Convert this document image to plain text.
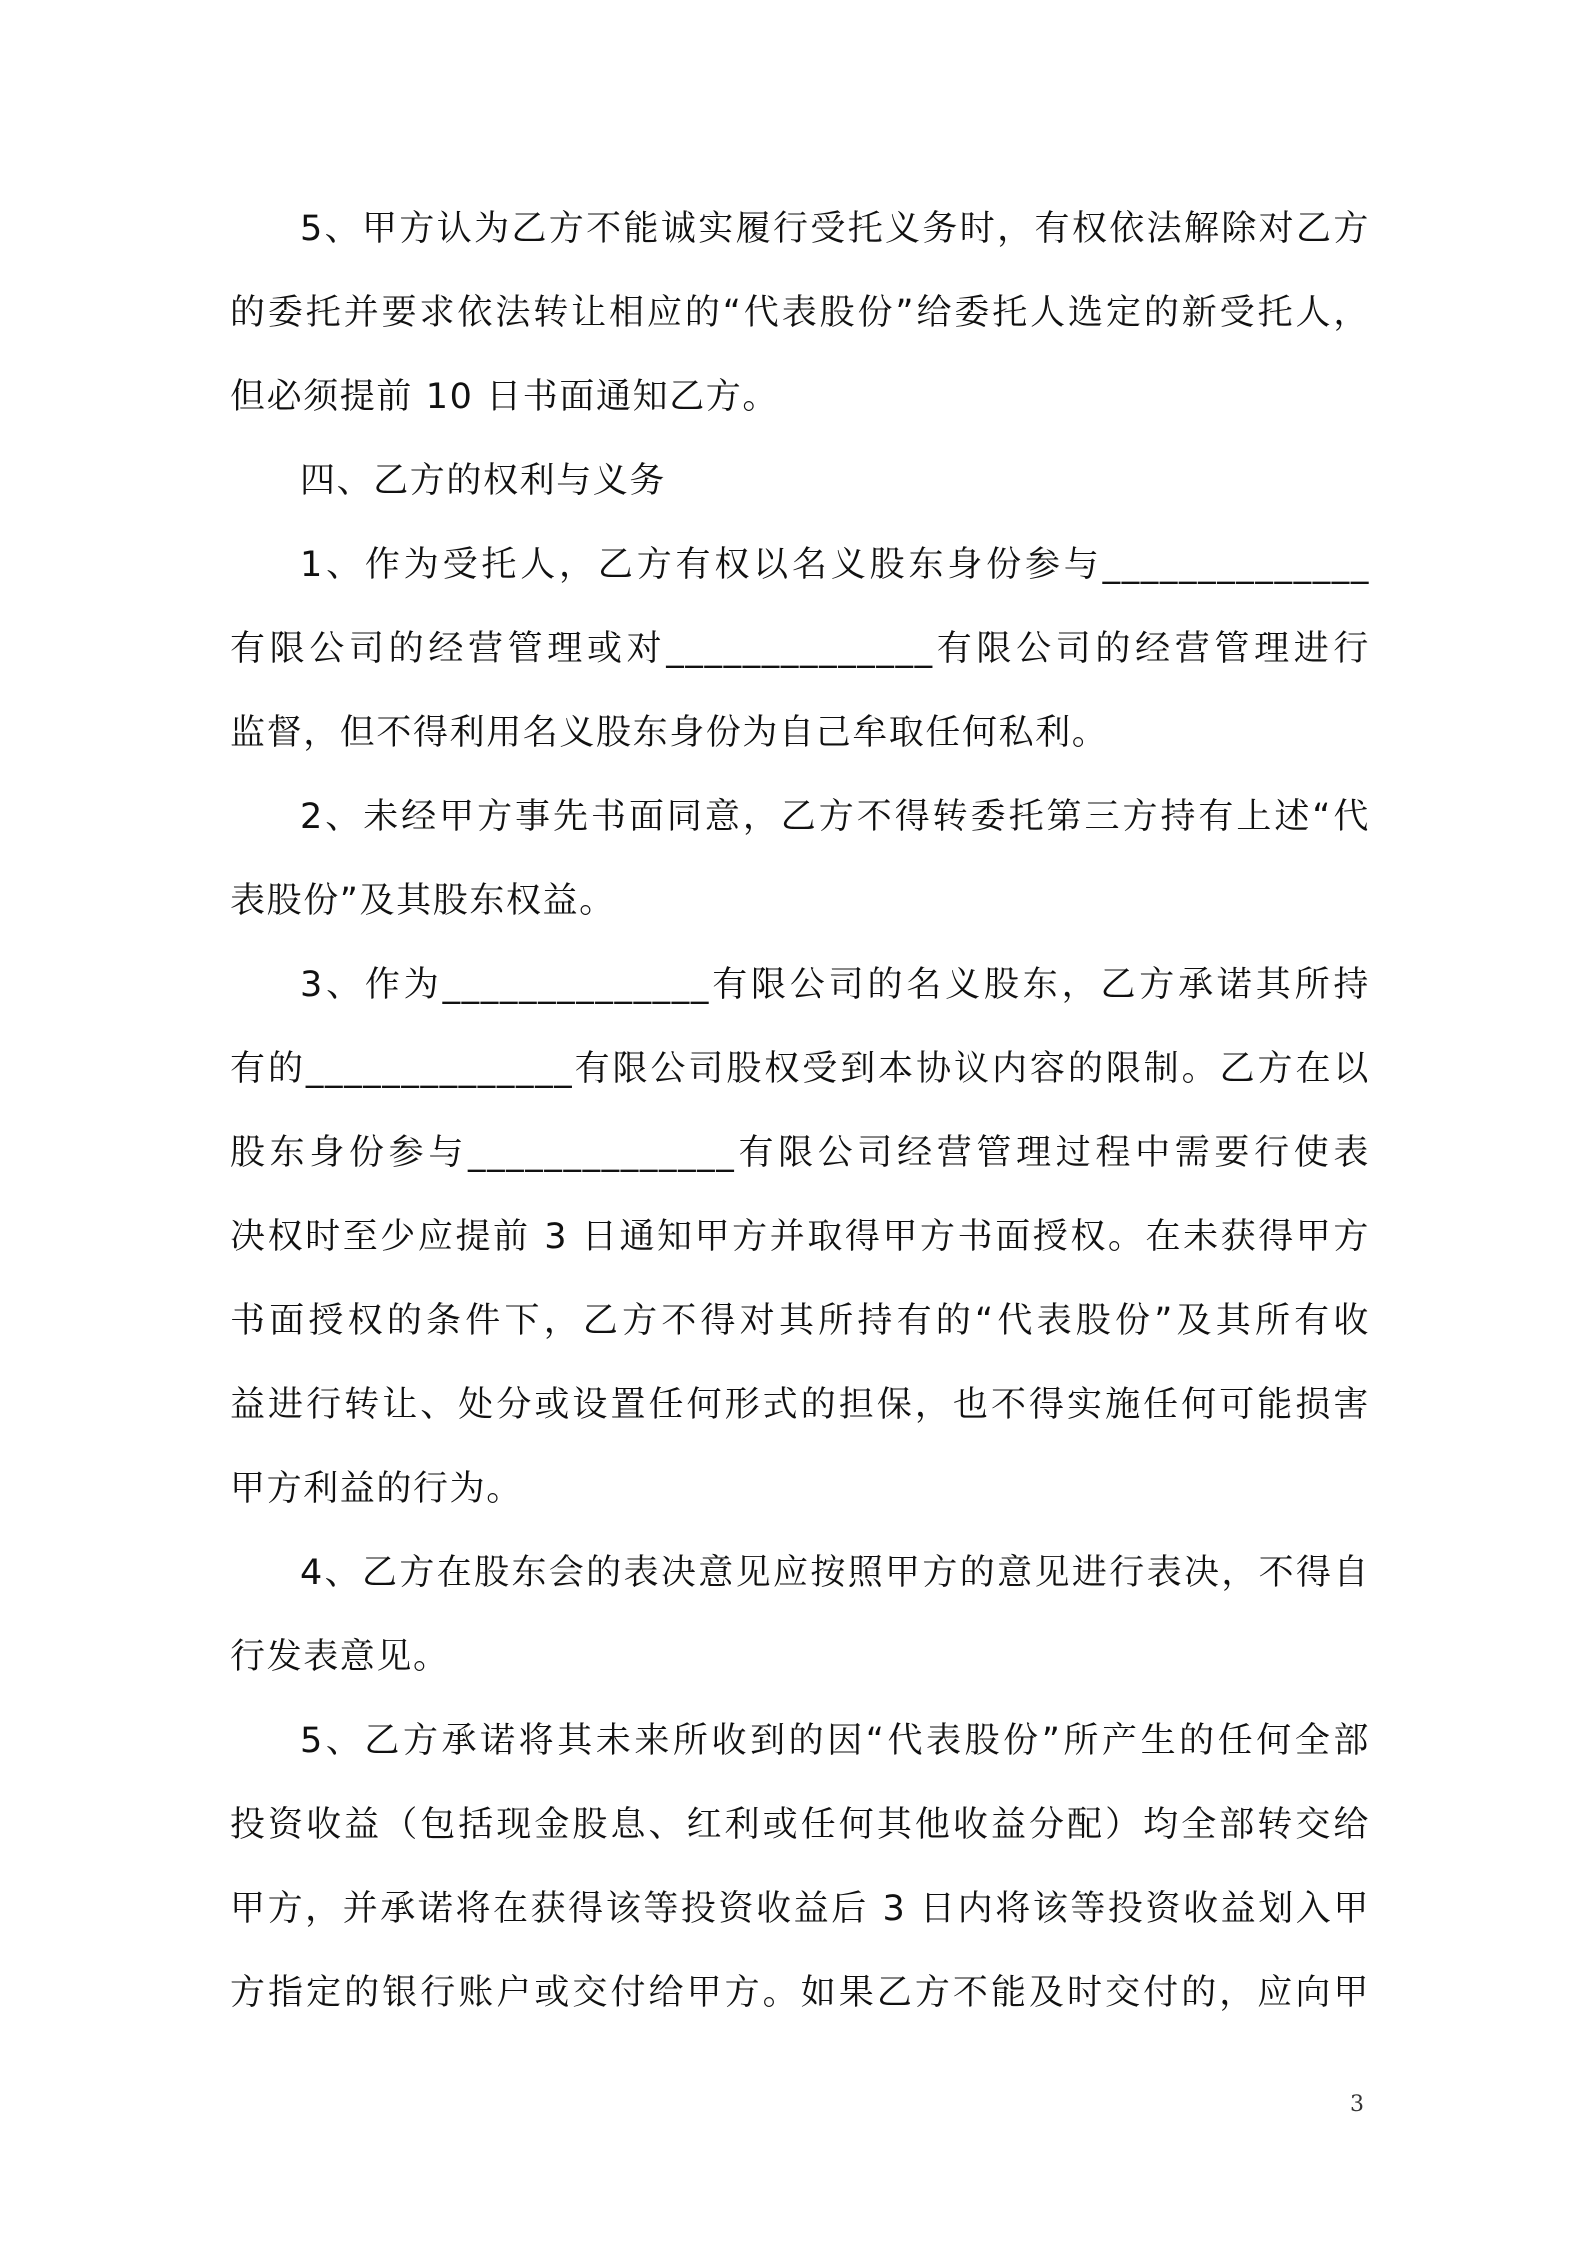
5、甲方认为乙方不能诚实履行受托义务时，有权依法解除对乙方
的委托并要求依法转让相应的“代表股份”给委托人选定的新受托人，
但必须提前 10 日书面通知乙方。
四、乙方的权利与义务
1、作为受托人，乙方有权以名义股东身份参与______________
有限公司的经营管理或对______________有限公司的经营管理进行
监督，但不得利用名义股东身份为自己牟取任何私利。
2、未经甲方事先书面同意，乙方不得转委托第三方持有上述“代
表股份”及其股东权益。
3、作为______________有限公司的名义股东，乙方承诺其所持
有的______________有限公司股权受到本协议内容的限制。乙方在以
股东身份参与______________有限公司经营管理过程中需要行使表
决权时至少应提前 3 日通知甲方并取得甲方书面授权。在未获得甲方
书面授权的条件下，乙方不得对其所持有的“代表股份”及其所有收
益进行转让、处分或设置任何形式的担保，也不得实施任何可能损害
甲方利益的行为。
4、乙方在股东会的表决意见应按照甲方的意见进行表决，不得自
行发表意见。
5、乙方承诺将其未来所收到的因“代表股份”所产生的任何全部
投资收益（包括现金股息、红利或任何其他收益分配）均全部转交给
甲方，并承诺将在获得该等投资收益后 3 日内将该等投资收益划入甲
方指定的银行账户或交付给甲方。如果乙方不能及时交付的，应向甲
3
